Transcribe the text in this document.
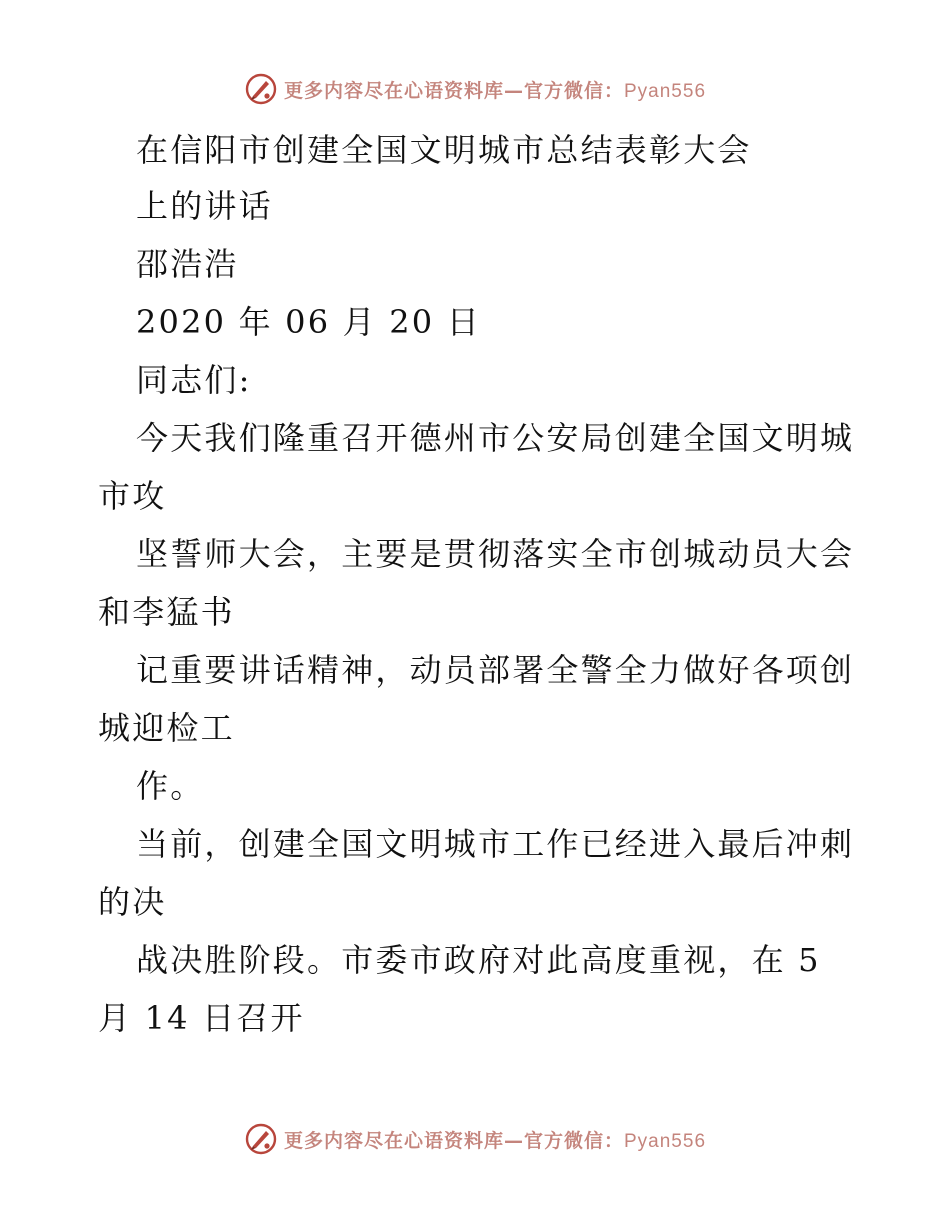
更多内容尽在心语资料库—官方微信：Pyan556
在信阳市创建全国文明城市总结表彰大会
上的讲话
邵浩浩
2020 年 06 月 20 日
同志们:
今天我们隆重召开德州市公安局创建全国文明城
市攻
坚誓师大会，主要是贯彻落实全市创城动员大会
和李猛书
记重要讲话精神，动员部署全警全力做好各项创
城迎检工
作。
当前，创建全国文明城市工作已经进入最后冲刺
的决
战决胜阶段。市委市政府对此高度重视，在 5
月 14 日召开
更多内容尽在心语资料库—官方微信：Pyan556
